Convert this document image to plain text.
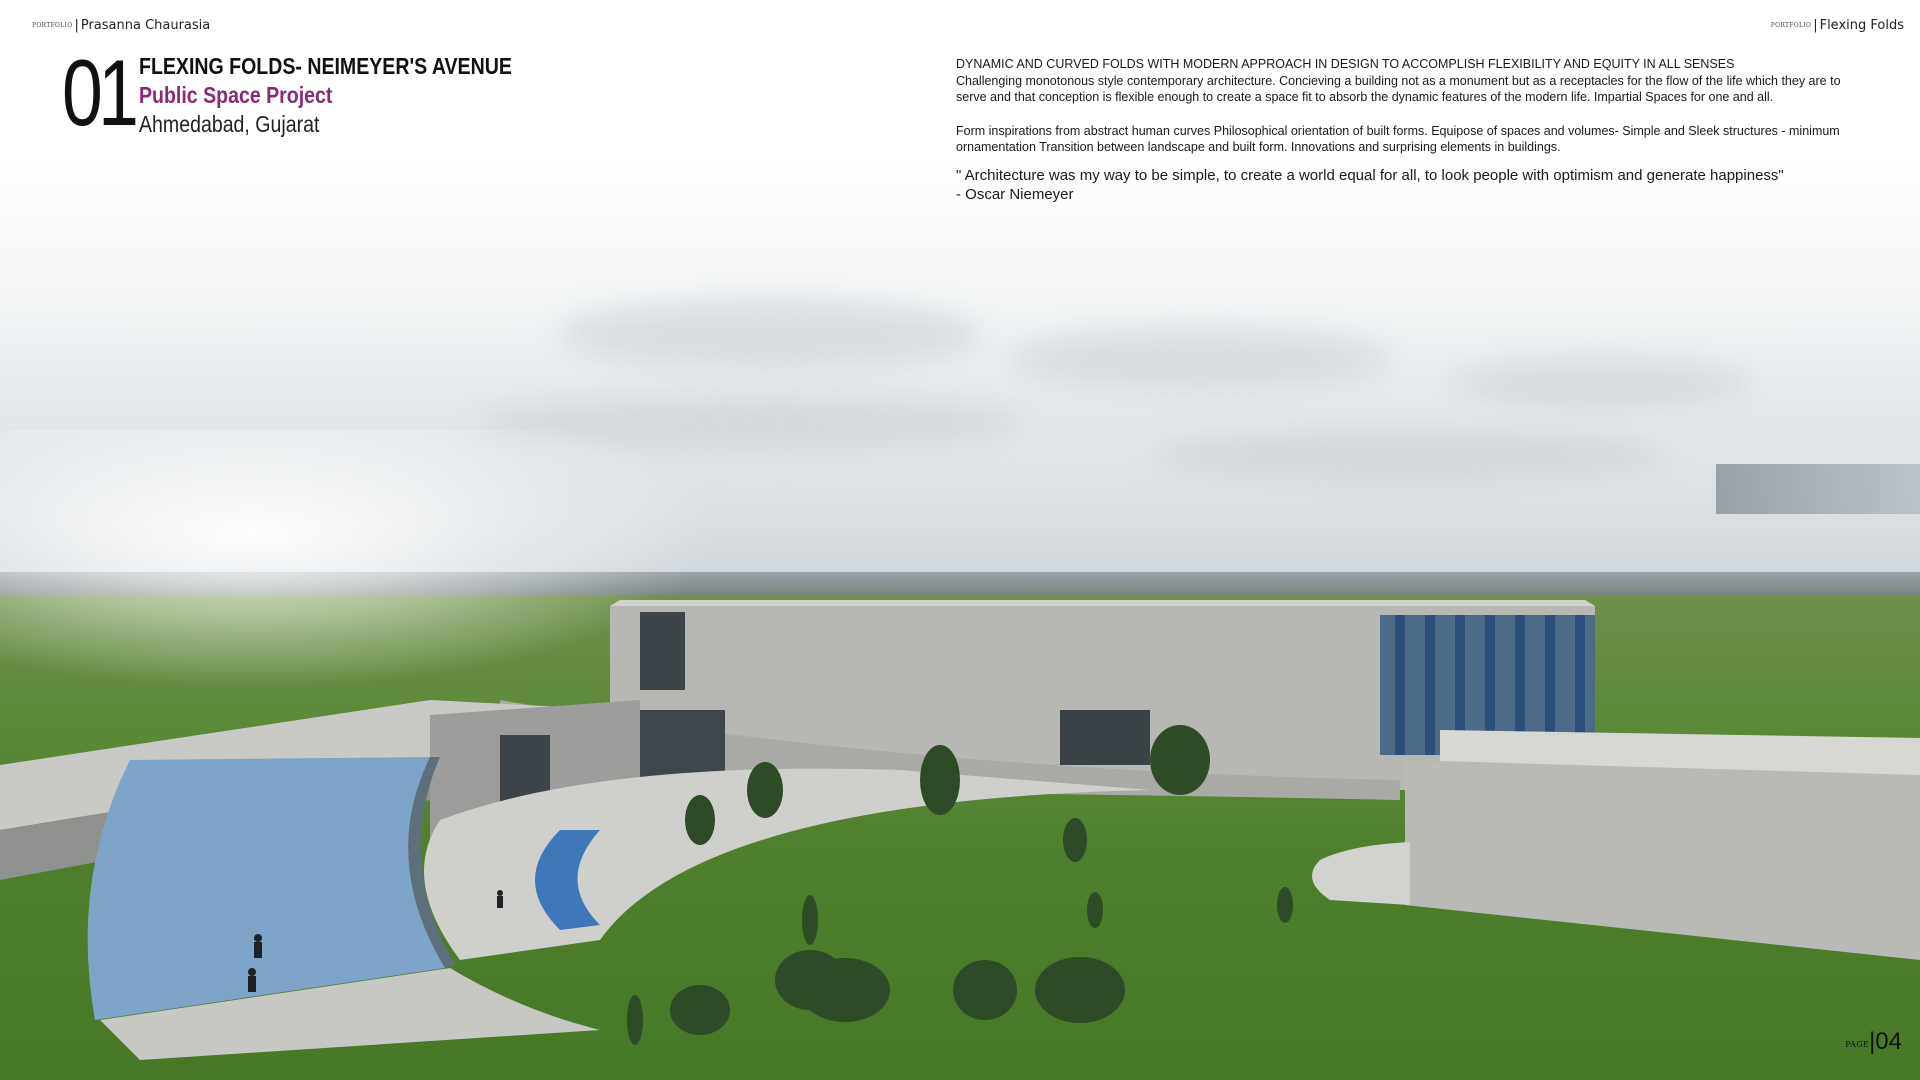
PORTFOLIO | Prasanna Chaurasia	PORTFOLIO | Flexing Folds
01 FLEXING FOLDS- NEIMEYER'S AVENUE
Public Space Project
Ahmedabad, Gujarat

DYNAMIC AND CURVED FOLDS WITH MODERN APPROACH IN DESIGN TO ACCOMPLISH FLEXIBILITY AND EQUITY IN ALL SENSES

Challenging monotonous style contemporary architecture. Concieving a building not as a monument but as a receptacles for the flow of the life which they are to serve and that conception is flexible enough to create a space fit to absorb the dynamic features of the modern life. Impartial Spaces for one and all.

Form inspirations from abstract human curves Philosophical orientation of built forms. Equipose of spaces and volumes- Simple and Sleek structures - minimum ornamentation Transition between landscape and built form. Innovations and surprising elements in buildings.

" Architecture was my way to be simple, to create a world equal for all, to look people with optimism and generate happiness"

- Oscar Niemeyer

PAGE|04
